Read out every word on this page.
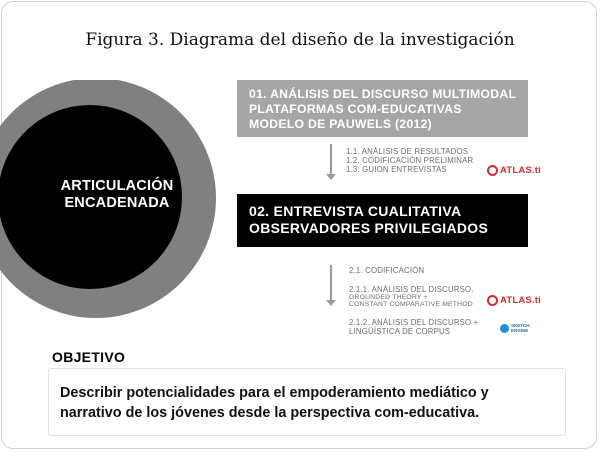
Figura 3. Diagrama del diseño de la investigación
ARTICULACIÓN
ENCADENADA
01. ANÁLISIS DEL DISCURSO MULTIMODAL
PLATAFORMAS COM-EDUCATIVAS
MODELO DE PAUWELS (2012)
1.1. ANÁLISIS DE RESULTADOS
1.2. CODIFICACIÓN PRELIMINAR
1.3. GUION ENTREVISTAS	ATLAS.ti
02. ENTREVISTA CUALITATIVA
OBSERVADORES PRIVILEGIADOS
2.1. CODIFICACIÓN
2.1.1. ANÁLISIS DEL DISCURSO.
GROUNDED THEORY +
CONSTANT COMPARATIVE METHOD	ATLAS.ti
2.1.2. ANÁLISIS DEL DISCURSO +
LINGÜÍSTICA DE CORPUS
SKETCH
ENGINE
OBJETIVO
Describir potencialidades para el empoderamiento mediático y
narrativo de los jóvenes desde la perspectiva com-educativa.
